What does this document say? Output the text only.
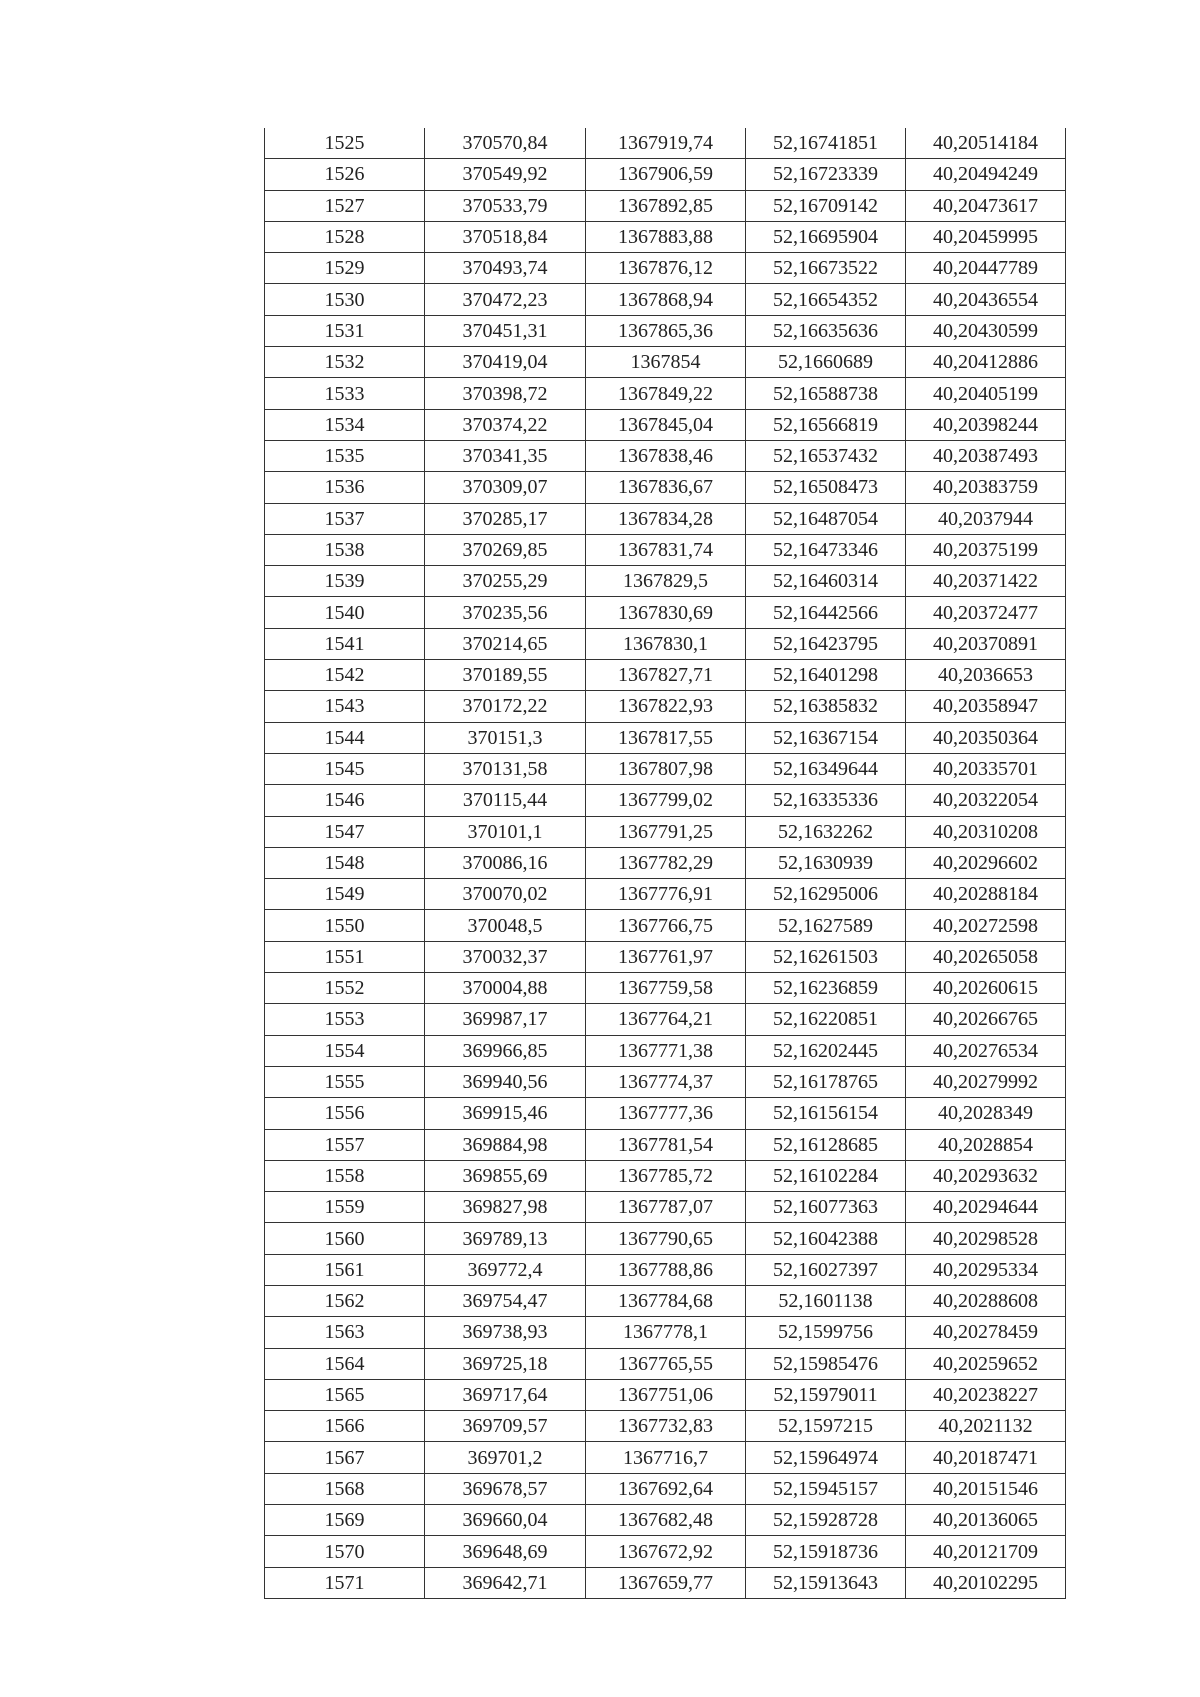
1525	370570,84	1367919,74	52,16741851	40,20514184
1526	370549,92	1367906,59	52,16723339	40,20494249
1527	370533,79	1367892,85	52,16709142	40,20473617
1528	370518,84	1367883,88	52,16695904	40,20459995
1529	370493,74	1367876,12	52,16673522	40,20447789
1530	370472,23	1367868,94	52,16654352	40,20436554
1531	370451,31	1367865,36	52,16635636	40,20430599
1532	370419,04	1367854	52,1660689	40,20412886
1533	370398,72	1367849,22	52,16588738	40,20405199
1534	370374,22	1367845,04	52,16566819	40,20398244
1535	370341,35	1367838,46	52,16537432	40,20387493
1536	370309,07	1367836,67	52,16508473	40,20383759
1537	370285,17	1367834,28	52,16487054	40,2037944
1538	370269,85	1367831,74	52,16473346	40,20375199
1539	370255,29	1367829,5	52,16460314	40,20371422
1540	370235,56	1367830,69	52,16442566	40,20372477
1541	370214,65	1367830,1	52,16423795	40,20370891
1542	370189,55	1367827,71	52,16401298	40,2036653
1543	370172,22	1367822,93	52,16385832	40,20358947
1544	370151,3	1367817,55	52,16367154	40,20350364
1545	370131,58	1367807,98	52,16349644	40,20335701
1546	370115,44	1367799,02	52,16335336	40,20322054
1547	370101,1	1367791,25	52,1632262	40,20310208
1548	370086,16	1367782,29	52,1630939	40,20296602
1549	370070,02	1367776,91	52,16295006	40,20288184
1550	370048,5	1367766,75	52,1627589	40,20272598
1551	370032,37	1367761,97	52,16261503	40,20265058
1552	370004,88	1367759,58	52,16236859	40,20260615
1553	369987,17	1367764,21	52,16220851	40,20266765
1554	369966,85	1367771,38	52,16202445	40,20276534
1555	369940,56	1367774,37	52,16178765	40,20279992
1556	369915,46	1367777,36	52,16156154	40,2028349
1557	369884,98	1367781,54	52,16128685	40,2028854
1558	369855,69	1367785,72	52,16102284	40,20293632
1559	369827,98	1367787,07	52,16077363	40,20294644
1560	369789,13	1367790,65	52,16042388	40,20298528
1561	369772,4	1367788,86	52,16027397	40,20295334
1562	369754,47	1367784,68	52,1601138	40,20288608
1563	369738,93	1367778,1	52,1599756	40,20278459
1564	369725,18	1367765,55	52,15985476	40,20259652
1565	369717,64	1367751,06	52,15979011	40,20238227
1566	369709,57	1367732,83	52,1597215	40,2021132
1567	369701,2	1367716,7	52,15964974	40,20187471
1568	369678,57	1367692,64	52,15945157	40,20151546
1569	369660,04	1367682,48	52,15928728	40,20136065
1570	369648,69	1367672,92	52,15918736	40,20121709
1571	369642,71	1367659,77	52,15913643	40,20102295
